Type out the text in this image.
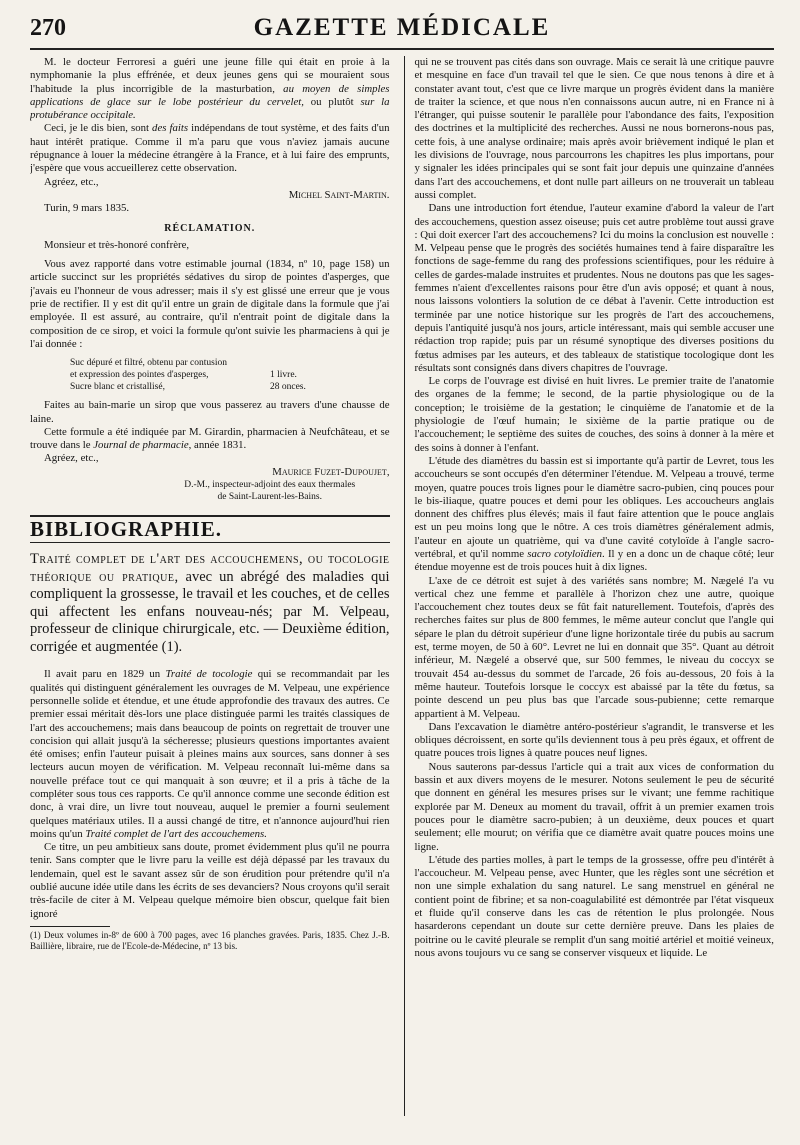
270	GAZETTE MÉDICALE

M. le docteur Ferroresi a guéri une jeune fille qui était en proie à la nymphomanie la plus effrénée, et deux jeunes gens qui se mouraient sous l'habitude la plus incorrigible de la masturbation, au moyen de simples applications de glace sur le lobe postérieur du cervelet, ou plutôt sur la protubérance occipitale.

Ceci, je le dis bien, sont des faits indépendans de tout système, et des faits d'un haut intérêt pratique. Comme il m'a paru que vous n'aviez jamais aucune répugnance à louer la médecine étrangère à la France, et à lui faire des emprunts, j'espère que vous accueillerez cette observation.

Agréez, etc.,

Michel Saint-Martin.

Turin, 9 mars 1835.

RÉCLAMATION.

Monsieur et très-honoré confrère,

Vous avez rapporté dans votre estimable journal (1834, nº 10, page 158) un article succinct sur les propriétés sédatives du sirop de pointes d'asperges, que j'avais eu l'honneur de vous adresser; mais il s'y est glissé une erreur que je vous prie de rectifier. Il y est dit qu'il entre un grain de digitale dans la formule que j'ai employée. Il est assuré, au contraire, qu'il n'entrait point de digitale dans la composition de ce sirop, et voici la formule qu'ont suivie les pharmaciens à qui je l'ai donnée :

Suc dépuré et filtré, obtenu par contusion
et expression des pointes d'asperges,	1 livre.
Sucre blanc et cristallisé,	28 onces.

Faites au bain-marie un sirop que vous passerez au travers d'une chausse de laine.

Cette formule a été indiquée par M. Girardin, pharmacien à Neufchâteau, et se trouve dans le Journal de pharmacie, année 1831.

Agréez, etc.,

Maurice Fuzet-Dupoujet,
D.-M., inspecteur-adjoint des eaux thermales
de Saint-Laurent-les-Bains.
BIBLIOGRAPHIE.
Traité complet de l'art des accouchemens, ou tocologie théorique ou pratique, avec un abrégé des maladies qui compliquent la grossesse, le travail et les couches, et de celles qui affectent les enfans nouveau-nés; par M. Velpeau, professeur de clinique chirurgicale, etc. — Deuxième édition, corrigée et augmentée (1).

Il avait paru en 1829 un Traité de tocologie qui se recommandait par les qualités qui distinguent généralement les ouvrages de M. Velpeau, une expérience personnelle solide et étendue, et une étude approfondie des travaux des autres. Ce premier essai méritait dès-lors une place distinguée parmi les traités classiques de l'art des accouchemens; mais dans beaucoup de points on regrettait de trouver une concision qui allait jusqu'à la sécheresse; plusieurs questions importantes avaient été omises; enfin l'auteur puisait à pleines mains aux sources, sans donner à ses lecteurs aucun moyen de vérification. M. Velpeau reconnaît lui-même dans sa nouvelle préface tout ce qui manquait à son œuvre; et il a pris à tâche de la compléter sous tous ces rapports. Ce qu'il annonce comme une seconde édition est donc, à vrai dire, un livre tout nouveau, auquel le premier a fourni seulement quelques matériaux utiles. Il a aussi changé de titre, et n'annonce aujourd'hui rien moins qu'un Traité complet de l'art des accouchemens.

Ce titre, un peu ambitieux sans doute, promet évidemment plus qu'il ne pourra tenir. Sans compter que le livre paru la veille est déjà dépassé par les travaux du lendemain, quel est le savant assez sûr de son érudition pour prétendre qu'il n'a oublié aucune idée utile dans les écrits de ses devanciers? Nous croyons qu'il serait très-facile de citer à M. Velpeau quelque mémoire bien obscur, quelque fait bien ignoré

(1) Deux volumes in-8º de 600 à 700 pages, avec 16 planches gravées. Paris, 1835. Chez J.-B. Baillière, libraire, rue de l'Ecole-de-Médecine, nº 13 bis.

qui ne se trouvent pas cités dans son ouvrage. Mais ce serait là une critique pauvre et mesquine en face d'un travail tel que le sien. Ce que nous tenons à dire et à constater avant tout, c'est que ce livre marque un progrès évident dans la manière de traiter la science, et que nous n'en connaissons aucun autre, ni en France ni à l'étranger, qui puisse soutenir le parallèle pour l'abondance des faits, l'exposition des doctrines et la multiplicité des recherches. Aussi ne nous bornerons-nous pas, cette fois, à une analyse ordinaire; mais après avoir brièvement indiqué le plan et les divisions de l'ouvrage, nous parcourrons les chapitres les plus importans, pour y signaler les idées principales qui se sont fait jour depuis une quinzaine d'années dans l'art des accouchemens, et dont nulle part ailleurs on ne trouverait un tableau aussi complet.

Dans une introduction fort étendue, l'auteur examine d'abord la valeur de l'art des accouchemens, question assez oiseuse; puis cet autre problème tout aussi grave : Qui doit exercer l'art des accouchemens? Ici du moins la conclusion est nouvelle : M. Velpeau pense que le progrès des sociétés humaines tend à faire disparaître les fonctions de sage-femme du rang des professions scientifiques, pour les réduire à celles de gardes-malade instruites et prudentes. Nous ne doutons pas que les sages-femmes n'aient d'excellentes raisons pour être d'un avis opposé; et quant à nous, nous laissons volontiers la solution de ce débat à l'avenir. Cette introduction est terminée par une notice historique sur les progrès de l'art des accouchemens, depuis l'antiquité jusqu'à nos jours, article intéressant, mais qui semble accuser une rédaction trop rapide; puis par un résumé synoptique des diverses positions du fœtus admises par les auteurs, et des tableaux de statistique tocologique dont les résultats sont consignés dans divers chapitres de l'ouvrage.

Le corps de l'ouvrage est divisé en huit livres. Le premier traite de l'anatomie des organes de la femme; le second, de la partie physiologique ou de la conception; le troisième de la gestation; le cinquième de l'anatomie et de la physiologie de l'œuf humain; le sixième de la partie pratique ou de l'accouchement; le septième des suites de couches, des soins à donner à la mère et des soins à donner à l'enfant.

L'étude des diamètres du bassin est si importante qu'à partir de Levret, tous les accoucheurs se sont occupés d'en déterminer l'étendue. M. Velpeau a trouvé, terme moyen, quatre pouces trois lignes pour le diamètre sacro-pubien, cinq pouces pour le bis-iliaque, quatre pouces et demi pour les obliques. Les accoucheurs anglais donnent des chiffres plus élevés; mais il faut faire attention que le pouce anglais est un peu moins long que le nôtre. A ces trois diamètres généralement admis, l'auteur en ajoute un quatrième, qui va d'une cavité cotyloïde à l'angle sacro-vertébral, et qu'il nomme sacro cotyloïdien. Il y en a donc un de chaque côté; leur étendue moyenne est de trois pouces huit à dix lignes.

L'axe de ce détroit est sujet à des variétés sans nombre; M. Nægelé l'a vu vertical chez une femme et parallèle à l'horizon chez une autre, quoique l'accouchement chez toutes deux se fût fait naturellement. Toutefois, d'après des recherches faites sur plus de 800 femmes, le même auteur conclut que l'angle qui sépare le plan du détroit supérieur d'une ligne horizontale tirée du pubis au sacrum est, terme moyen, de 50 à 60°. Levret ne lui en donnait que 35°. Quant au détroit inférieur, M. Nægelé a observé que, sur 500 femmes, le niveau du coccyx se trouvait 454 au-dessus du sommet de l'arcade, 26 fois au-dessous, 20 fois à la même hauteur. Toutefois lorsque le coccyx est abaissé par la tête du fœtus, sa pointe descend un peu plus bas que l'arcade sous-pubienne; cette remarque appartient à M. Velpeau.

Dans l'excavation le diamètre antéro-postérieur s'agrandit, le transverse et les obliques décroissent, en sorte qu'ils deviennent tous à peu près égaux, et offrent de quatre pouces trois lignes à quatre pouces neuf lignes.

Nous sauterons par-dessus l'article qui a trait aux vices de conformation du bassin et aux divers moyens de le mesurer. Notons seulement le peu de sécurité que donnent en général les mesures prises sur le vivant; une femme rachitique explorée par M. Deneux au moment du travail, offrit à un premier examen trois pouces pour le diamètre sacro-pubien; à un deuxième, deux pouces et quart seulement; elle mourut; on vérifia que ce diamètre avait quatre pouces moins une ligne.

L'étude des parties molles, à part le temps de la grossesse, offre peu d'intérêt à l'accoucheur. M. Velpeau pense, avec Hunter, que les règles sont une sécrétion et non une simple exhalation du sang naturel. Le sang menstruel en général ne contient point de fibrine; et sa non-coagulabilité est démontrée par l'état visqueux et fluide qu'il conserve dans les cas de rétention le plus prolongée. Nous hasarderons cependant un doute sur cette dernière preuve. Dans les plaies de poitrine ou le cavité pleurale se remplit d'un sang moitié artériel et moitié veineux, nous avons toujours vu ce sang se conserver visqueux et liquide. Le
